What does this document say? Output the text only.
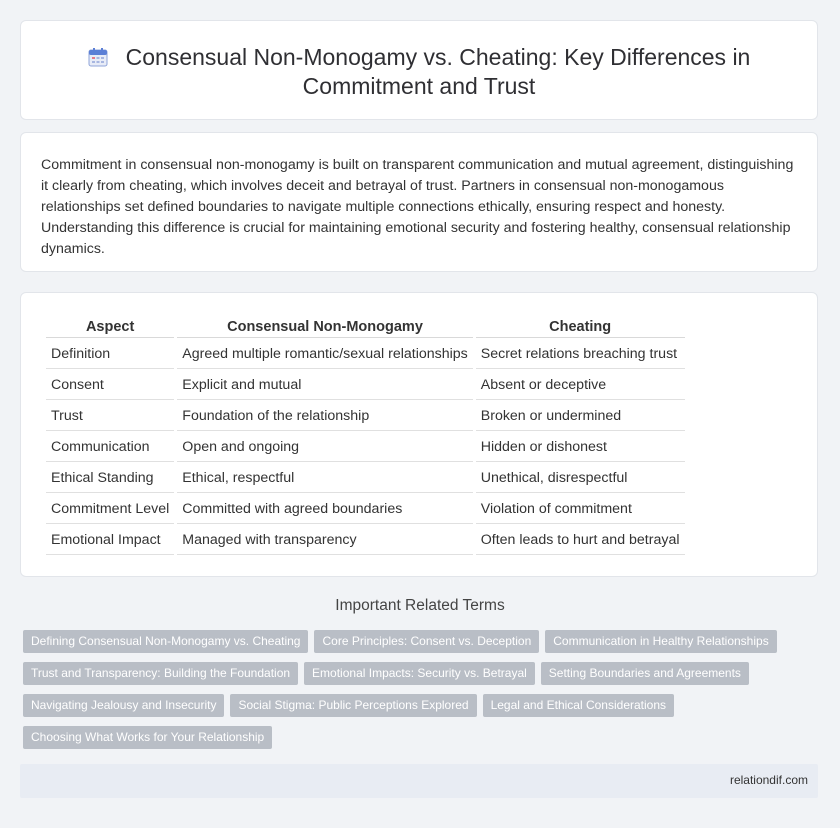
Consensual Non-Monogamy vs. Cheating: Key Differences in Commitment and Trust

Commitment in consensual non-monogamy is built on transparent communication and mutual agreement, distinguishing it clearly from cheating, which involves deceit and betrayal of trust. Partners in consensual non-monogamous relationships set defined boundaries to navigate multiple connections ethically, ensuring respect and honesty. Understanding this difference is crucial for maintaining emotional security and fostering healthy, consensual relationship dynamics.

Aspect	Consensual Non-Monogamy	Cheating
Definition	Agreed multiple romantic/sexual relationships	Secret relations breaching trust
Consent	Explicit and mutual	Absent or deceptive
Trust	Foundation of the relationship	Broken or undermined
Communication	Open and ongoing	Hidden or dishonest
Ethical Standing	Ethical, respectful	Unethical, disrespectful
Commitment Level	Committed with agreed boundaries	Violation of commitment
Emotional Impact	Managed with transparency	Often leads to hurt and betrayal
Important Related Terms
Defining Consensual Non-Monogamy vs. Cheating Core Principles: Consent vs. Deception Communication in Healthy Relationships
Trust and Transparency: Building the Foundation Emotional Impacts: Security vs. Betrayal Setting Boundaries and Agreements
Navigating Jealousy and Insecurity Social Stigma: Public Perceptions Explored Legal and Ethical Considerations
Choosing What Works for Your Relationship
relationdif.com
